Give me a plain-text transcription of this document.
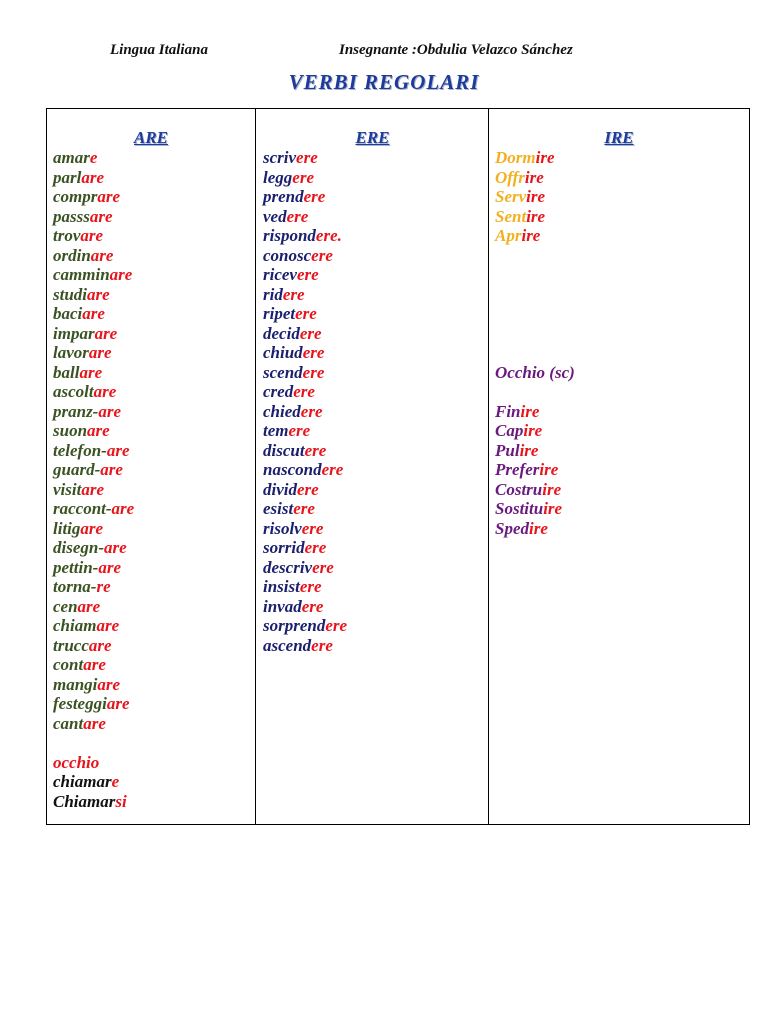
Lingua Italiana	Insegnante :Obdulia Velazco Sánchez
VERBI REGOLARI
ARE
amare
parlare
comprare
passsare
trovare
ordinare
camminare
studiare
baciare
imparare
lavorare
ballare
ascoltare
pranz-are
suonare
telefon-are
guard-are
visitare
raccont-are
litigare
disegn-are
pettin-are
torna-re
cenare
chiamare
truccare
contare
mangiare
festeggiare
cantare
occhio
chiamare
Chiamarsi
ERE
scrivere
leggere
prendere
vedere
rispondere.
conoscere
ricevere
ridere
ripetere
decidere
chiudere
scendere
credere
chiedere
temere
discutere
nascondere
dividere
esistere
risolvere
sorridere
descrivere
insistere
invadere
sorprendere
ascendere
IRE
Dormire
Offrire
Servire
Sentire
Aprire
Occhio (sc)
Finire
Capire
Pulire
Preferire
Costruire
Sostituire
Spedire
